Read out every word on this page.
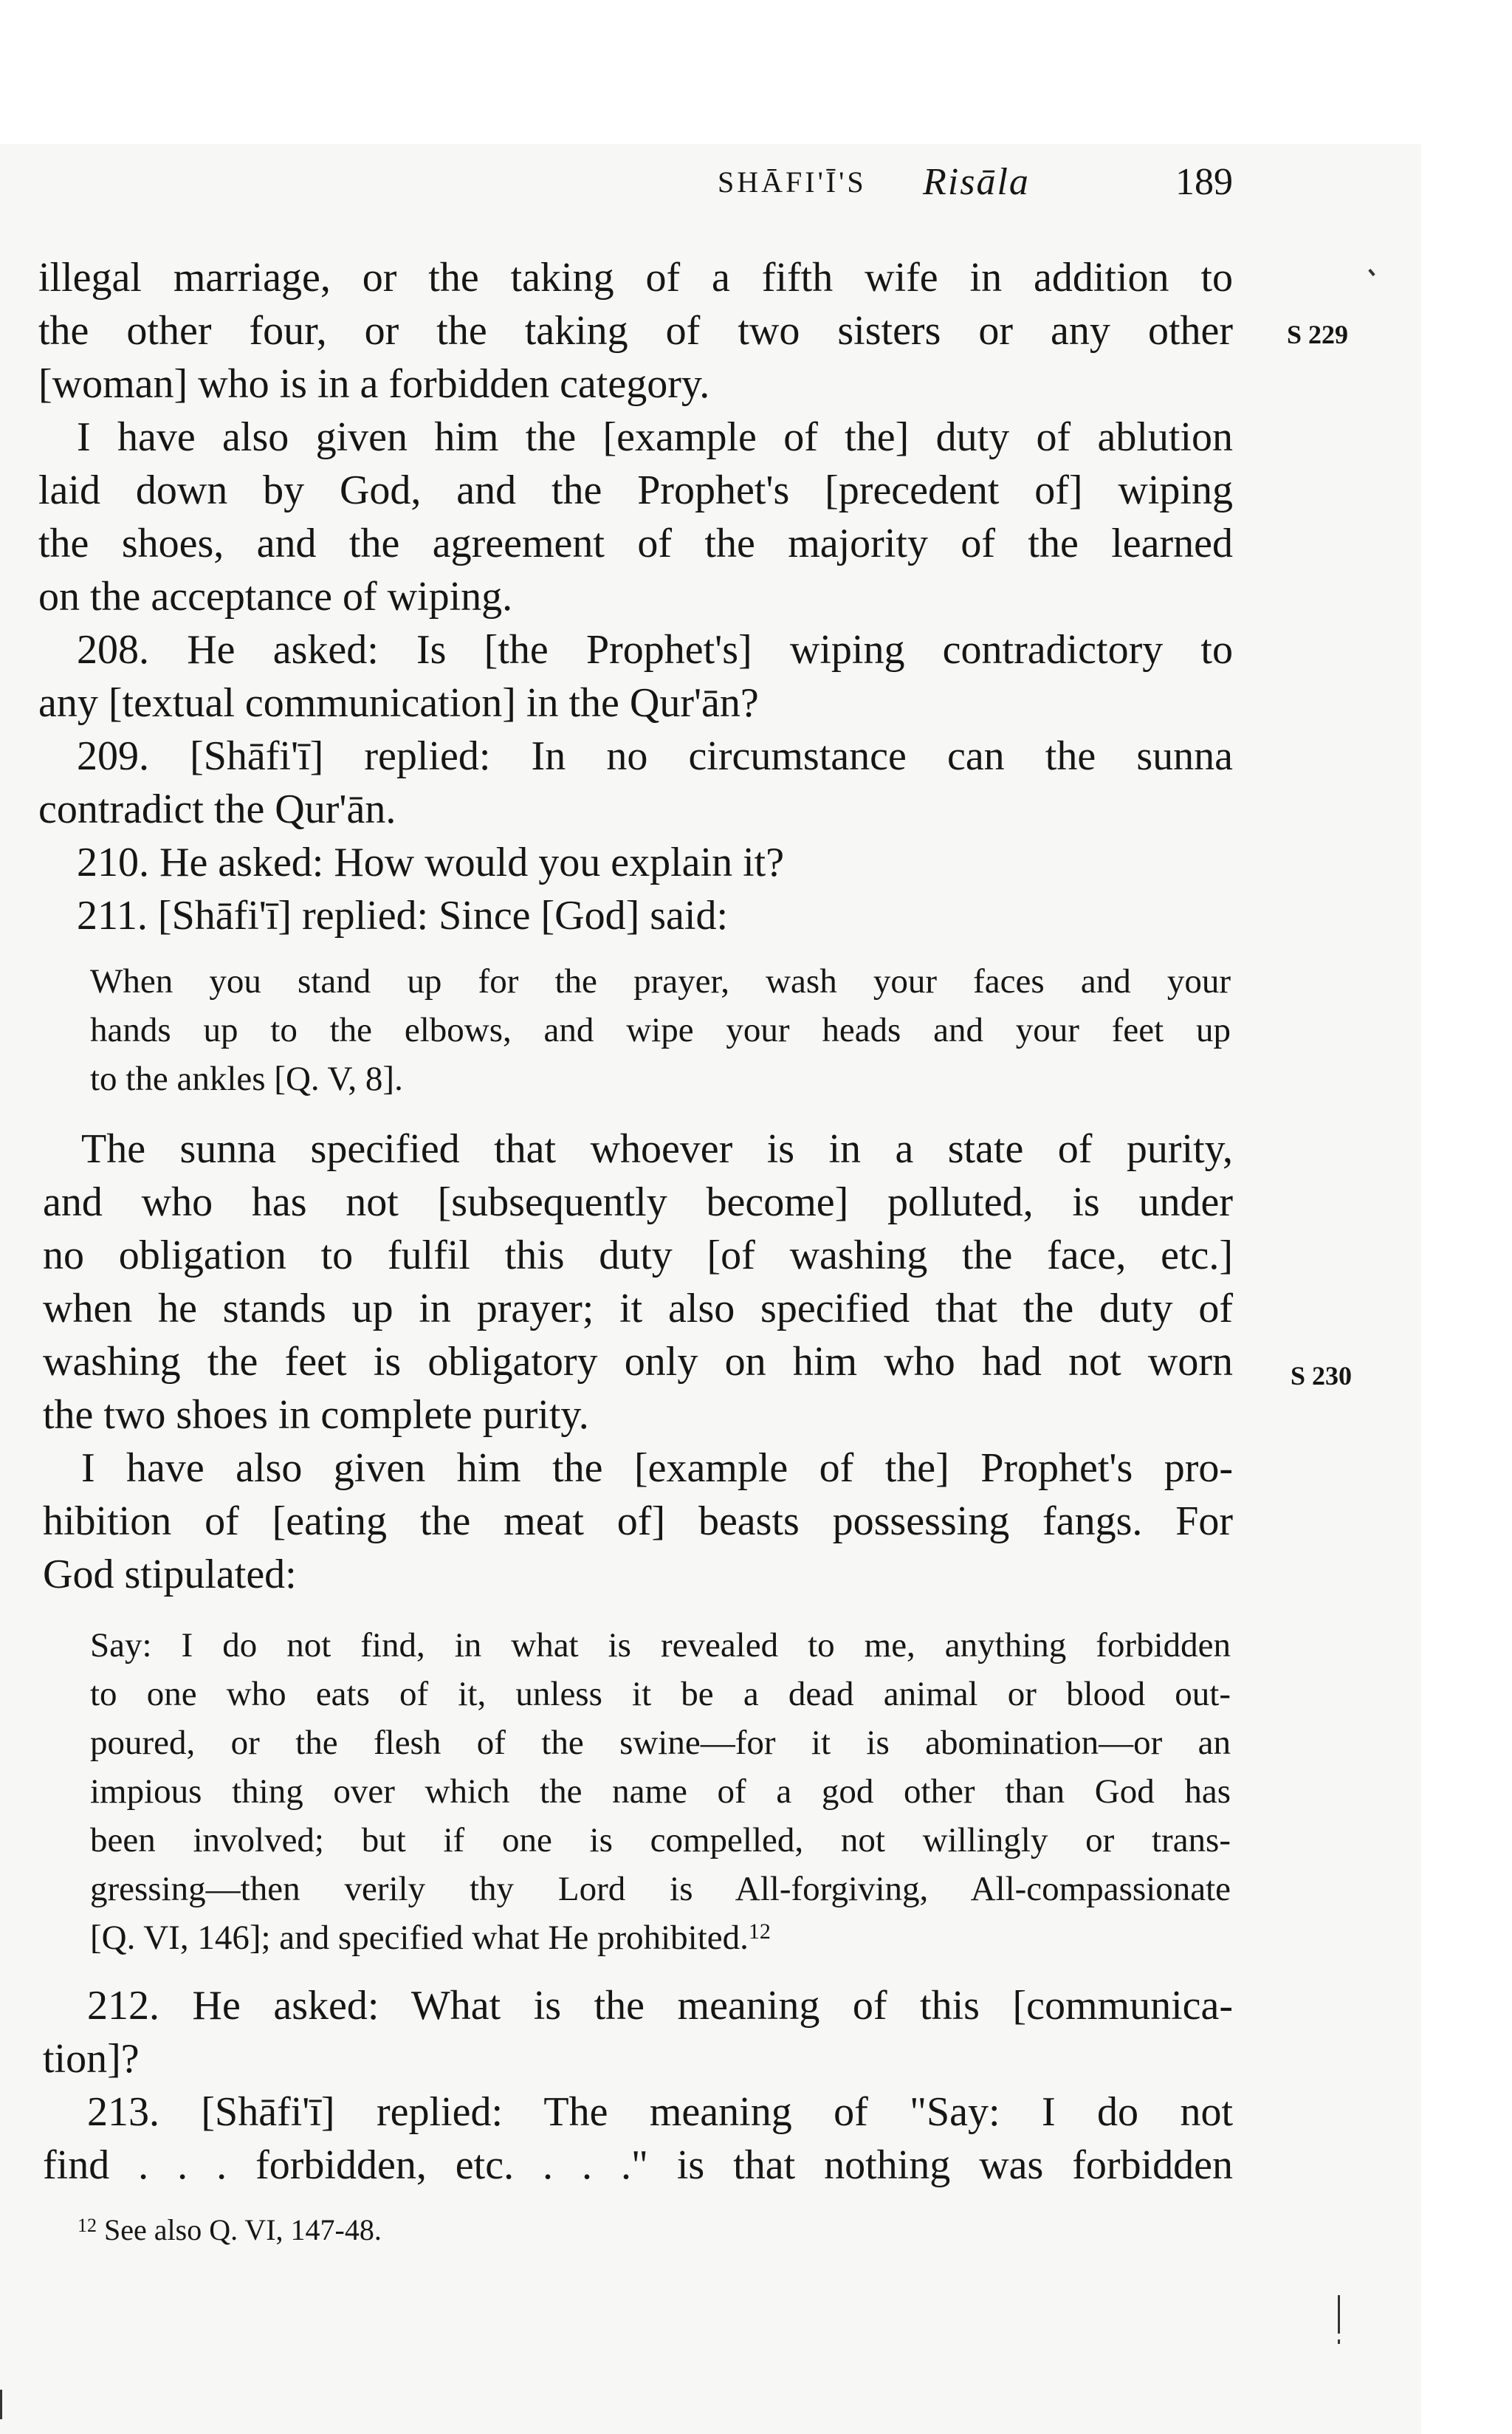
SHĀFI'Ī'S Risāla	189
illegal marriage, or the taking of a fifth wife in addition to
the other four, or the taking of two sisters or any other
[woman] who is in a forbidden category.
I have also given him the [example of the] duty of ablution
laid down by God, and the Prophet's [precedent of] wiping
the shoes, and the agreement of the majority of the learned
on the acceptance of wiping.
208. He asked: Is [the Prophet's] wiping contradictory to
any [textual communication] in the Qur'ān?
209. [Shāfi'ī] replied: In no circumstance can the sunna
contradict the Qur'ān.
210. He asked: How would you explain it?
211. [Shāfi'ī] replied: Since [God] said:
When you stand up for the prayer, wash your faces and your
hands up to the elbows, and wipe your heads and your feet up
to the ankles [Q. V, 8].
The sunna specified that whoever is in a state of purity,
and who has not [subsequently become] polluted, is under
no obligation to fulfil this duty [of washing the face, etc.]
when he stands up in prayer; it also specified that the duty of
washing the feet is obligatory only on him who had not worn
the two shoes in complete purity.
I have also given him the [example of the] Prophet's pro-
hibition of [eating the meat of] beasts possessing fangs. For
God stipulated:
Say: I do not find, in what is revealed to me, anything forbidden
to one who eats of it, unless it be a dead animal or blood out-
poured, or the flesh of the swine—for it is abomination—or an
impious thing over which the name of a god other than God has
been involved; but if one is compelled, not willingly or trans-
gressing—then verily thy Lord is All-forgiving, All-compassionate
[Q. VI, 146]; and specified what He prohibited.$^{12}$
212. He asked: What is the meaning of this [communica-
tion]?
213. [Shāfi'ī] replied: The meaning of "Say: I do not
find . . . forbidden, etc. . . ." is that nothing was forbidden
$^{12}$ See also Q. VI, 147-48.
S 229
S 230
